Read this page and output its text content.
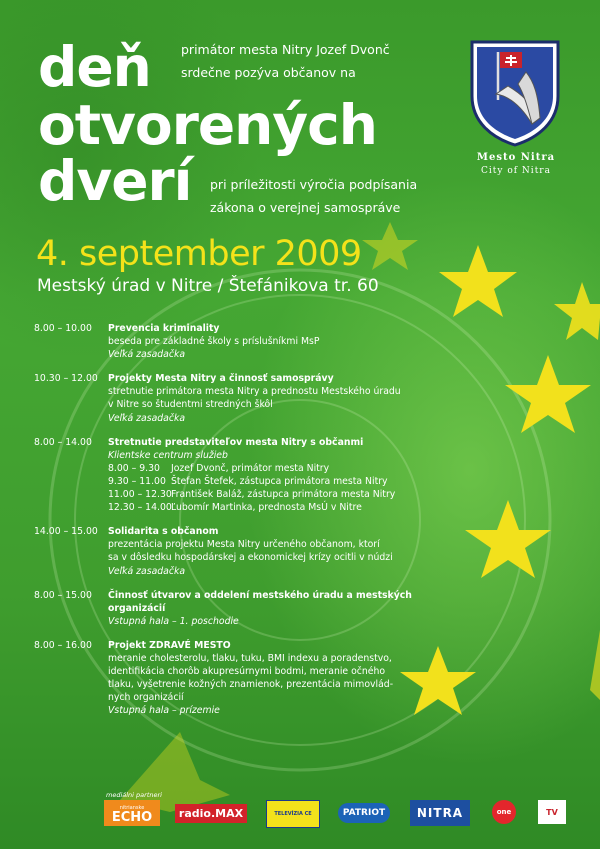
deň
otvorených
dverí
primátor mesta Nitry Jozef Dvonč
srdečne pozýva občanov na
pri príležitosti výročia podpísania
zákona o verejnej samospráve
4. september 2009
Mestský úrad v Nitre / Štefánikova tr. 60
Mesto Nitra
City of Nitra
8.00 – 10.00	Prevencia kriminality
beseda pre základné školy s príslušníkmi MsP
Veľká zasadačka
10.30 – 12.00	Projekty Mesta Nitry a činnosť samosprávy
stretnutie primátora mesta Nitry a prednostu Mestského úradu
v Nitre so študentmi stredných škôl
Veľká zasadačka
8.00 – 14.00	Stretnutie predstaviteľov mesta Nitry s občanmi
Klientske centrum služieb
8.00 – 9.30	Jozef Dvonč, primátor mesta Nitry
9.30 – 11.00 Štefan Štefek, zástupca primátora mesta Nitry
11.00 – 12.30 František Baláž, zástupca primátora mesta Nitry
12.30 – 14.00 Ľubomír Martinka, prednosta MsÚ v Nitre
14.00 – 15.00	Solidarita s občanom
prezentácia projektu Mesta Nitry určeného občanom, ktorí
sa v dôsledku hospodárskej a ekonomickej krízy ocitli v núdzi
Veľká zasadačka
8.00 – 15.00	Činnosť útvarov a oddelení mestského úradu a mestských
organizácií
Vstupná hala – 1. poschodie
8.00 – 16.00	Projekt ZDRAVÉ MESTO
meranie cholesterolu, tlaku, tuku, BMI indexu a poradenstvo,
identifikácia chorôb akupresúrnymi bodmi, meranie očného
tlaku, vyšetrenie kožných znamienok, prezentácia mimovlád-
nych organizácií
Vstupná hala – prízemie
mediálni partneri
nitrianske
ECHO	radio.MAX	TELEVÍZIA CE	PATRIOT	NITRA	one	TV
